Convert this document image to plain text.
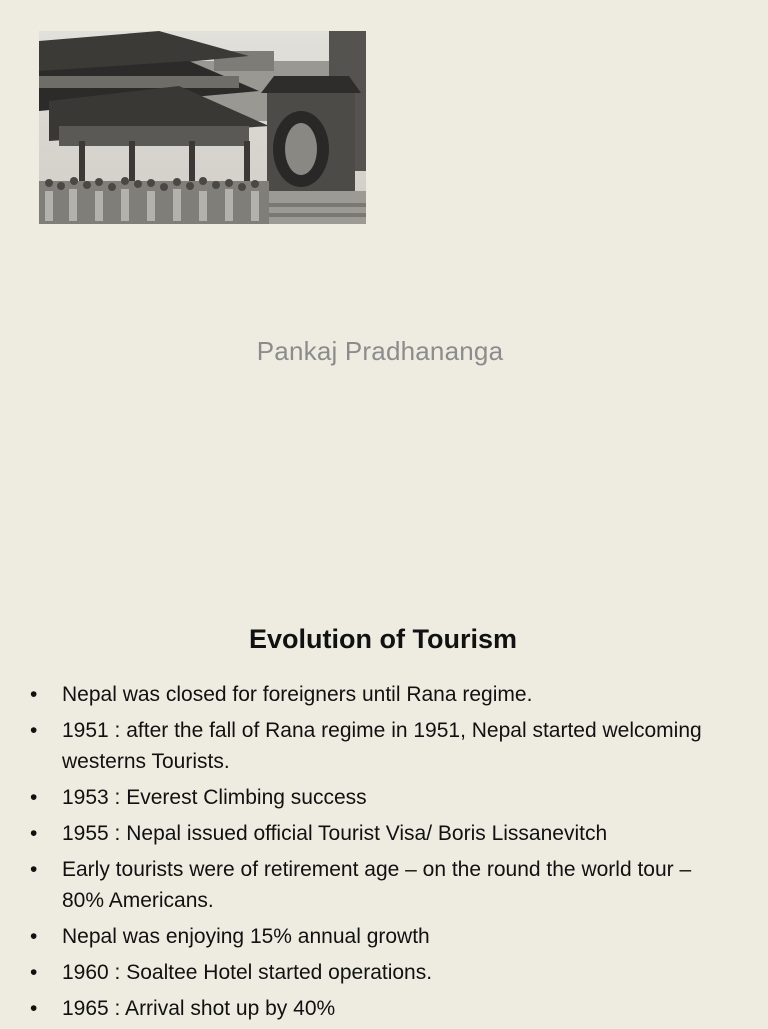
Pankaj Pradhananga
Evolution of Tourism
• Nepal was closed for foreigners until Rana regime.
• 1951 : after the fall of Rana regime in 1951, Nepal started welcoming westerns Tourists.
• 1953 : Everest Climbing success
• 1955 : Nepal issued official Tourist Visa/ Boris Lissanevitch
• Early tourists were of retirement age – on the round the world tour – 80% Americans.
• Nepal was enjoying 15% annual growth
• 1960 : Soaltee Hotel started operations.
• 1965 : Arrival shot up by 40%
